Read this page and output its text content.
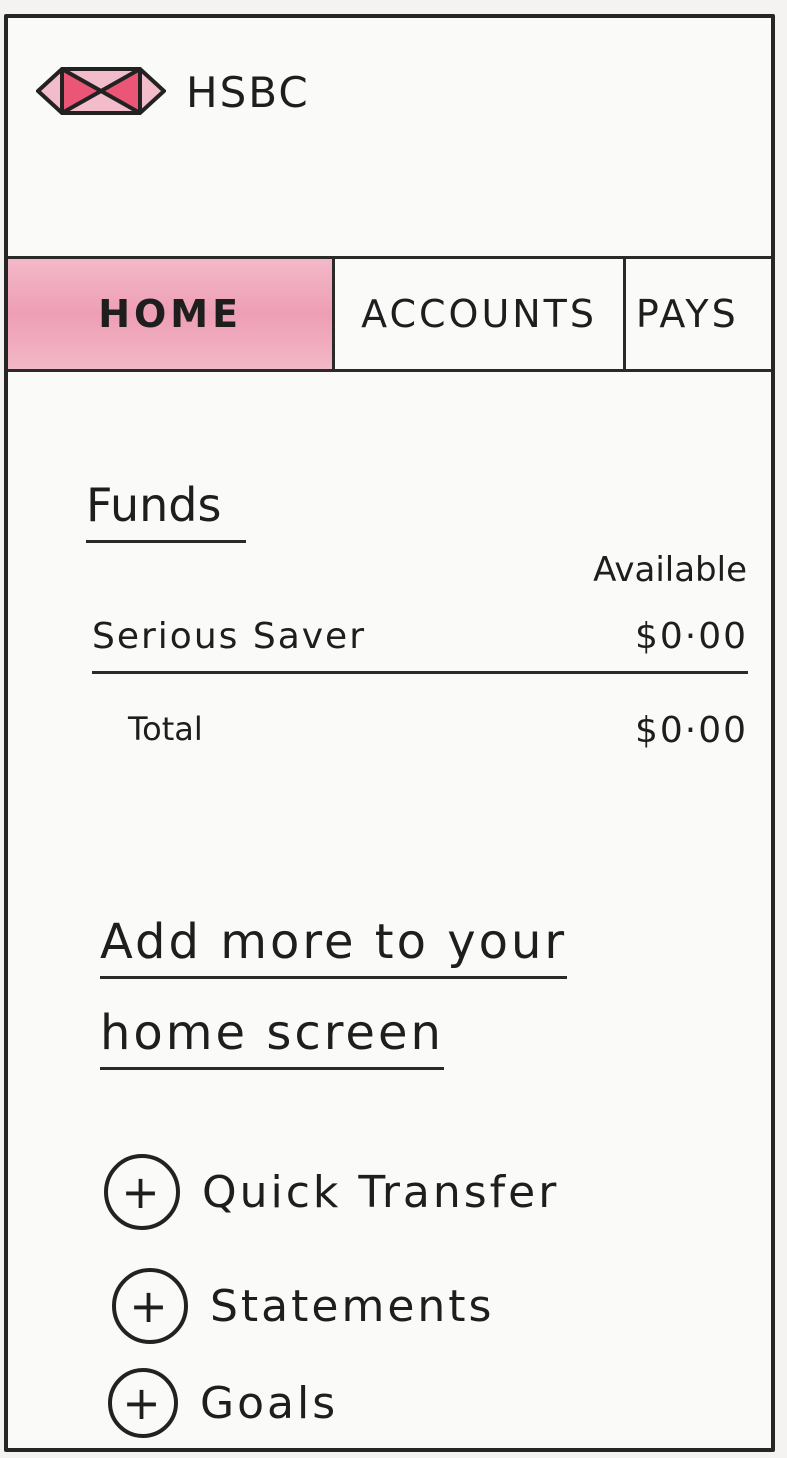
HSBC
HOME	ACCOUNTS	PAYS
Funds
Available
Serious Saver	$0·00
Total	$0·00
Add more to your
home screen
+ Quick Transfer
+ Statements
+ Goals
